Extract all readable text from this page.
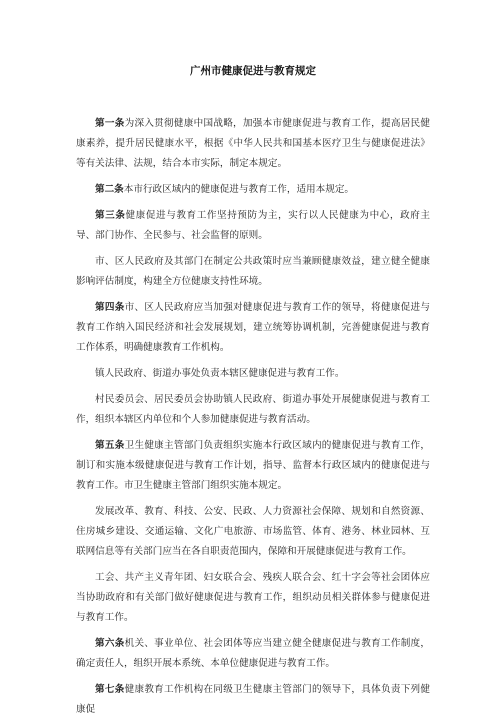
广州市健康促进与教育规定

第一条为深入贯彻健康中国战略，加强本市健康促进与教育工作，提高居民健康素养，提升居民健康水平，根据《中华人民共和国基本医疗卫生与健康促进法》等有关法律、法规，结合本市实际，制定本规定。

第二条本市行政区域内的健康促进与教育工作，适用本规定。

第三条健康促进与教育工作坚持预防为主，实行以人民健康为中心，政府主导、部门协作、全民参与、社会监督的原则。

市、区人民政府及其部门在制定公共政策时应当兼顾健康效益，建立健全健康影响评估制度，构建全方位健康支持性环境。

第四条市、区人民政府应当加强对健康促进与教育工作的领导，将健康促进与教育工作纳入国民经济和社会发展规划，建立统筹协调机制，完善健康促进与教育工作体系，明确健康教育工作机构。

镇人民政府、街道办事处负责本辖区健康促进与教育工作。

村民委员会、居民委员会协助镇人民政府、街道办事处开展健康促进与教育工作，组织本辖区内单位和个人参加健康促进与教育活动。

第五条卫生健康主管部门负责组织实施本行政区域内的健康促进与教育工作，制订和实施本级健康促进与教育工作计划，指导、监督本行政区域内的健康促进与教育工作。市卫生健康主管部门组织实施本规定。

发展改革、教育、科技、公安、民政、人力资源社会保障、规划和自然资源、住房城乡建设、交通运输、文化广电旅游、市场监管、体育、港务、林业园林、互联网信息等有关部门应当在各自职责范围内，保障和开展健康促进与教育工作。

工会、共产主义青年团、妇女联合会、残疾人联合会、红十字会等社会团体应当协助政府和有关部门做好健康促进与教育工作，组织动员相关群体参与健康促进与教育工作。

第六条机关、事业单位、社会团体等应当建立健全健康促进与教育工作制度，确定责任人，组织开展本系统、本单位健康促进与教育工作。

第七条健康教育工作机构在同级卫生健康主管部门的领导下，具体负责下列健康促
